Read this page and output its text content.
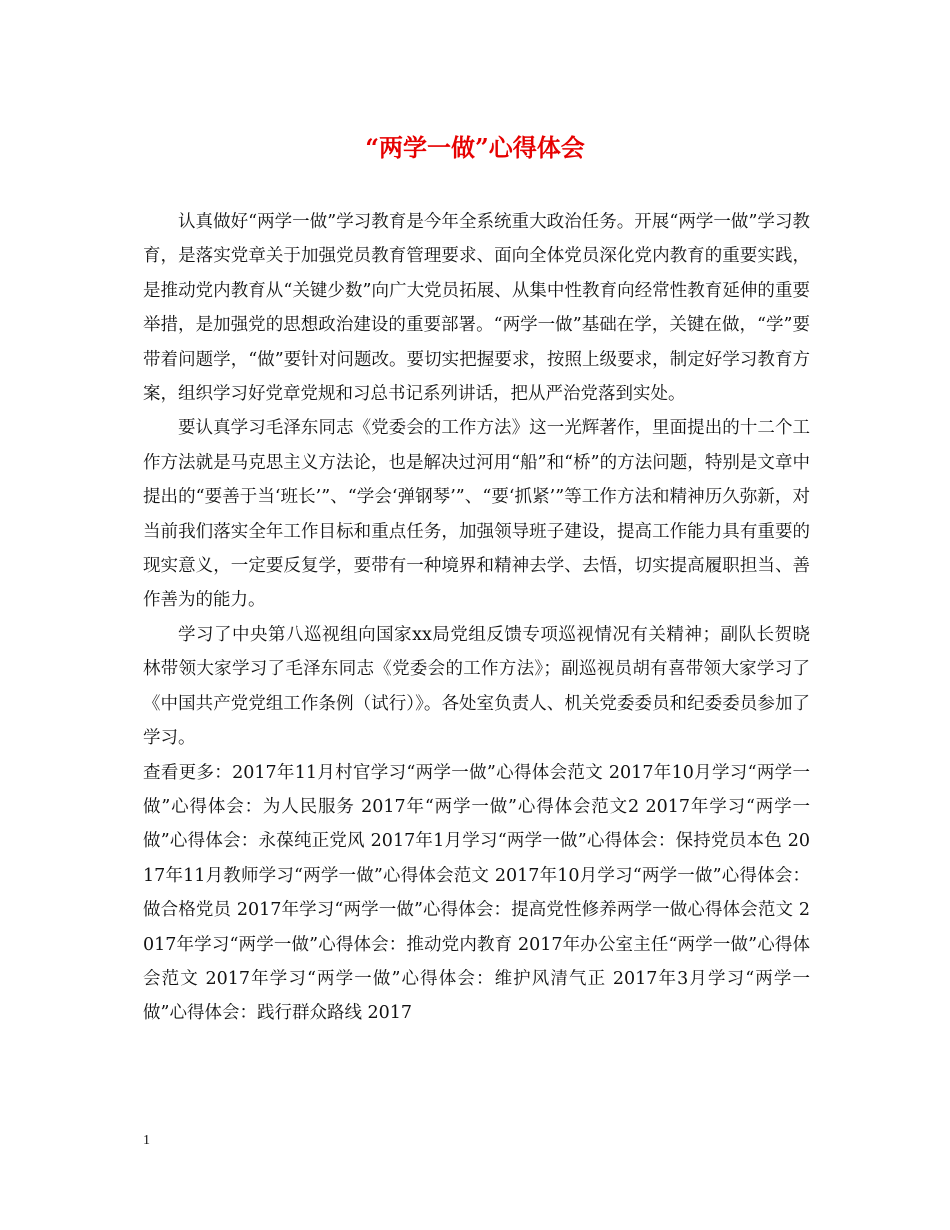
“两学一做”心得体会

认真做好“两学一做”学习教育是今年全系统重大政治任务。开展“两学一做”学习教育，是落实党章关于加强党员教育管理要求、面向全体党员深化党内教育的重要实践，是推动党内教育从“关键少数”向广大党员拓展、从集中性教育向经常性教育延伸的重要举措，是加强党的思想政治建设的重要部署。“两学一做”基础在学，关键在做，“学”要带着问题学，“做”要针对问题改。要切实把握要求，按照上级要求，制定好学习教育方案，组织学习好党章党规和习总书记系列讲话，把从严治党落到实处。

要认真学习毛泽东同志《党委会的工作方法》这一光辉著作，里面提出的十二个工作方法就是马克思主义方法论，也是解决过河用“船”和“桥”的方法问题，特别是文章中提出的“要善于当‘班长’”、“学会‘弹钢琴’”、“要‘抓紧’”等工作方法和精神历久弥新，对当前我们落实全年工作目标和重点任务，加强领导班子建设，提高工作能力具有重要的现实意义，一定要反复学，要带有一种境界和精神去学、去悟，切实提高履职担当、善作善为的能力。

学习了中央第八巡视组向国家xx局党组反馈专项巡视情况有关精神；副队长贺晓林带领大家学习了毛泽东同志《党委会的工作方法》；副巡视员胡有喜带领大家学习了《中国共产党党组工作条例（试行）》。各处室负责人、机关党委委员和纪委委员参加了学习。

查看更多：2017年11月村官学习“两学一做”心得体会范文 2017年10月学习“两学一做”心得体会：为人民服务 2017年“两学一做”心得体会范文2 2017年学习“两学一做”心得体会：永葆纯正党风 2017年1月学习“两学一做”心得体会：保持党员本色 2017年11月教师学习“两学一做”心得体会范文 2017年10月学习“两学一做”心得体会：做合格党员 2017年学习“两学一做”心得体会：提高党性修养两学一做心得体会范文 2017年学习“两学一做”心得体会：推动党内教育 2017年办公室主任“两学一做”心得体会范文 2017年学习“两学一做”心得体会：维护风清气正 2017年3月学习“两学一做”心得体会：践行群众路线 2017

1
